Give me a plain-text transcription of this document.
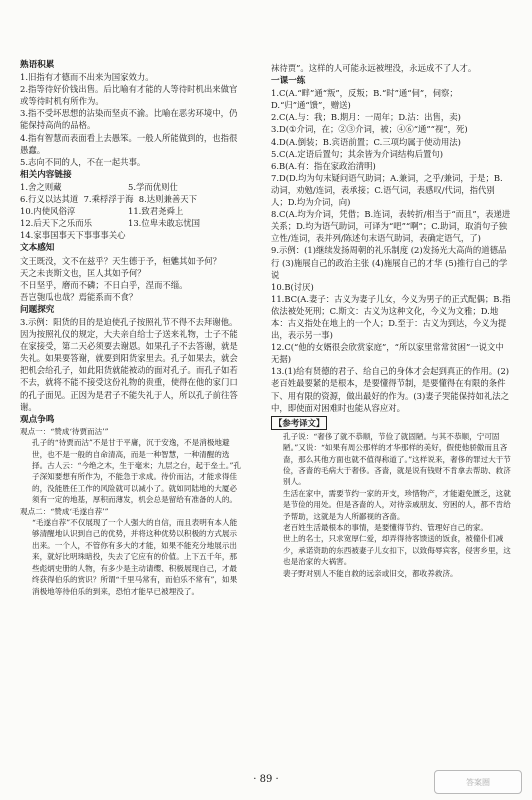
熟语积累

1.旧指有才德而不出来为国家效力。

2.指等待好价钱出售。后比喻有才能的人等待时机出来做官或等待时机有所作为。

3.指不受坏思想的沾染而坚贞不渝。比喻在恶劣环境中，仍能保持高尚的品格。

4.指有智慧而表面看上去愚笨。一般人所能做到的，也指很愚蠢。

5.志向不同的人，不在一起共事。

相关内容链接
1.舍之则藏	5.学而优则仕
6.行义以达其道 7.乘桴浮于海 8.达则兼善天下
10.内使风俗淳	11.致君尧舜上
12.后天下之乐而乐	13.位卑未敢忘忧国
14.家事国事天下事事事关心
文本感知

文王既没，文不在兹乎？天生德于予，桓魋其如予何？

天之未丧斯文也，匡人其如予何？

不日坚乎，磨而不磷；不日白乎，涅而不缁。

吾岂匏瓜也哉？焉能系而不食？

问题探究

3.示例：阳货的目的是迫使孔子按照礼节不得不去拜谢他。因为按照礼仪的规定，大夫亲自给士子送来礼物，士子不能在家接受，第二天必须要去谢恩。如果孔子不去答谢，就是失礼。如果要答谢，就要到阳货家里去。孔子如果去，就会把机会给孔子，如此阳货就能被动的面对孔子。而孔子如若不去，就将不能不接受这份礼物的贵重，使得在他的家门口的孔子面见。正因为是君子不能失礼于人，所以孔子前往答谢。

观点争鸣

观点一：“赞成‘待贾而沽’”

孔子的“待贾而沽”不是甘于平庸，沉于安逸，不是消极地避世，也不是一般的自命清高，而是一种智慧，一种清醒的选择。古人云：“今绝之木，生于毫末；九层之台，起于垒土。”孔子深知要想有所作为，不能急于求成。待价而沽，才能求得佳的，没能胜任工作的风险就可以减小了。就如同陆地的大厦必须有一定的地基，厚积而薄发，机会总是留给有准备的人的。

观点二：“赞成‘毛遂自荐’”

“毛遂自荐”不仅展现了一个人强大的自信，而且表明有本人能够清醒地认识到自己的优势，并将这种优势以积极的方式展示出来。一个人，不管你有多大的才能，如果不能充分地展示出来，就好比明珠暗投，失去了它应有的价值。上下五千年，那些彪炳史册的人物，有多少是主动请缨、积极展现自己，才最终获得伯乐的赏识？所谓“千里马常有，而伯乐不常有”，如果消极地等待伯乐的到来，恐怕才能早已被埋没了。

袜待贾”。这样的人可能永远被埋没，永远成不了人才。

一课一练

1.C(A.“畔”通“叛”，反叛；B.“时”通“伺”，伺察；D.“归”通“馈”，赠送)

2.C(A.与：我；B.期月：一周年；D.沽：出售，卖)

3.D(①介词，在；②③介词，被；④⑥“通”“视”，死)

4.D(A.倒装；B.宾语前置；C.三项均属于使动用法)

5.C(A.定语后置句；其余皆为介词结构后置句)

6.B(A.有：指在家政治清明)

7.D(D.均为句末疑问语气助词；A.兼词，之乎/兼词，于是；B.动词，劝勉/连词，表承接；C.语气词，表感叹/代词，指代别人；D.均为介词，向)

8.C(A.均为介词，凭借；B.连词，表转折/相当于“而且”，表递进关系；D.均为语气助词，可译为“吧”“啊”；C.助词，取消句子独立性/连词，表并列/陈述句末语气助词，表确定语气，了)

9.示例：(1)继续发扬周朝的礼乐制度 (2)发扬光大高尚的道德品行 (3)施展自己的政治主张 (4)施展自己的才华 (5)推行自己的学说

10.B(讨厌)

11.BC(A.妻子：古义为妻子儿女，今义为男子的正式配偶；B.指依法被处死刑；C.斯文：古义为这种文化，今义为文雅；D.地本：古义指处在地上的一个人；D.至于：古义为到达，今义为提出，表示另一事)

12.C(“他的女婿很会欣赏家庭”，“所以家里常常贫困”一说文中无据)

13.(1)给有贤德的君子、给自己的身体才会起到真正的作用。(2)老百姓最要紧的是根本，是要懂得节制，是要懂得在有限的条件下、用有限的资源，做出最好的作为。(3)妻子哭能保持如礼法之中，即使面对困难时也能从容应对。

【参考译文】

孔子说：“奢侈了就不恭顺，节俭了就固陋。与其不恭顺，宁可固陋。”又说：“如果有周公那样的才华那样的美好，假使他骄傲而且吝啬，那么其他方面也就不值得称道了。”这样说来，奢侈的罪过大于节俭，吝啬的毛病大于奢侈。吝啬，就是说有钱财不肯拿去帮助、救济别人。

生活在家中，需要节约一家的开支，珍惜物产，才能避免匮乏，这就是节俭的用处。但是吝啬的人，对待亲戚朋友、穷困的人，都不肯给予帮助，这就是为人所鄙视的吝啬。

老百姓生活最根本的事情，是要懂得节约、管理好自己的家。

世上的名士，只求宽厚仁爱，却弄得待客馈送的饭食，被僮仆们减少，承诺资助的东西被妻子儿女扣下，以致侮辱宾客，侵害乡里，这也是治家的大祸害。

裴子野对别人不能自救的远亲或旧交，都收养救济。

· 89 ·	答案圈
